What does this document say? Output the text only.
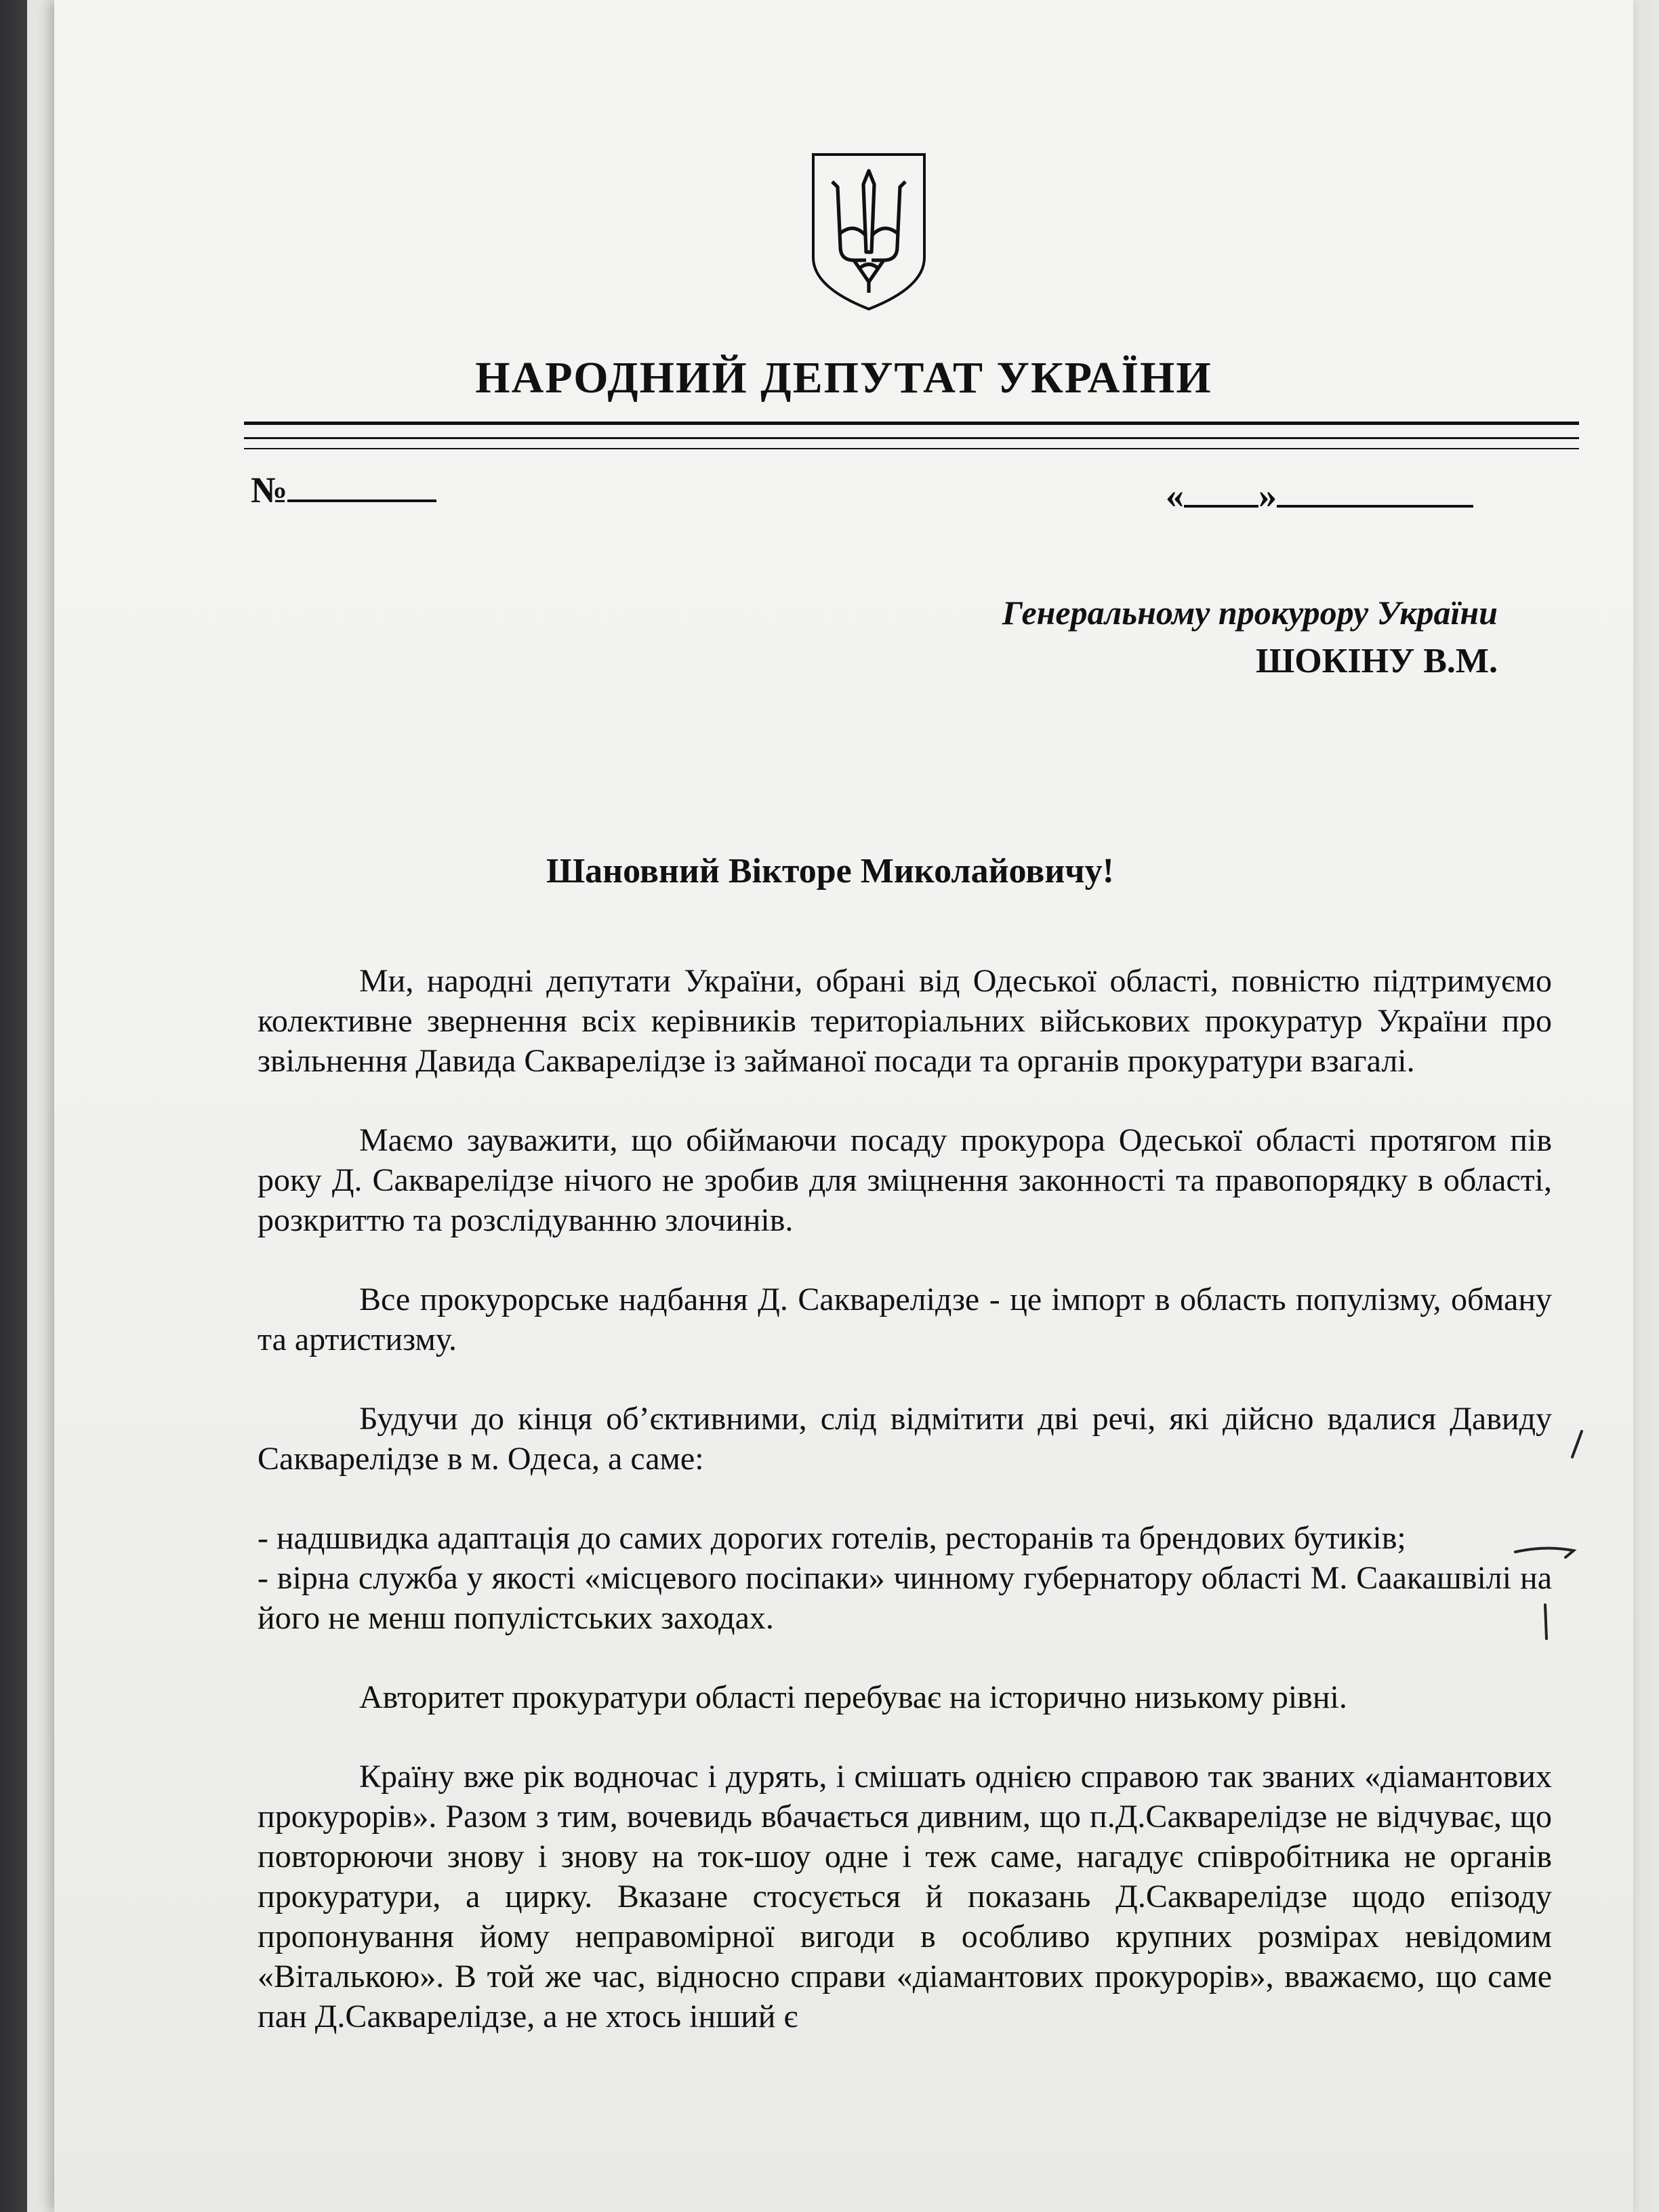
НАРОДНИЙ ДЕПУТАТ УКРАЇНИ
№	« »
Генеральному прокурору України
ШОКІНУ В.М.
Шановний Вікторе Миколайовичу!

Ми, народні депутати України, обрані від Одеської області, повністю підтримуємо колективне звернення всіх керівників територіальних військових прокуратур України про звільнення Давида Сакварелідзе із займаної посади та органів прокуратури взагалі.

Маємо зауважити, що обіймаючи посаду прокурора Одеської області протягом пів року Д. Сакварелідзе нічого не зробив для зміцнення законності та правопорядку в області, розкриттю та розслідуванню злочинів.

Все прокурорське надбання Д. Сакварелідзе - це імпорт в область популізму, обману та артистизму.

Будучи до кінця об’єктивними, слід відмітити дві речі, які дійсно вдалися Давиду Сакварелідзе в м. Одеса, а саме:

- надшвидка адаптація до самих дорогих готелів, ресторанів та брендових бутиків;

- вірна служба у якості «місцевого посіпаки» чинному губернатору області М. Саакашвілі на його не менш популістських заходах.

Авторитет прокуратури області перебуває на історично низькому рівні.

Країну вже рік водночас і дурять, і смішать однією справою так званих «діамантових прокурорів». Разом з тим, вочевидь вбачається дивним, що п.Д.Сакварелідзе не відчуває, що повторюючи знову і знову на ток-шоу одне і теж саме, нагадує співробітника не органів прокуратури, а цирку. Вказане стосується й показань Д.Сакварелідзе щодо епізоду пропонування йому неправомірної вигоди в особливо крупних розмірах невідомим «Віталькою». В той же час, відносно справи «діамантових прокурорів», вважаємо, що саме пан Д.Сакварелідзе, а не хтось інший є
